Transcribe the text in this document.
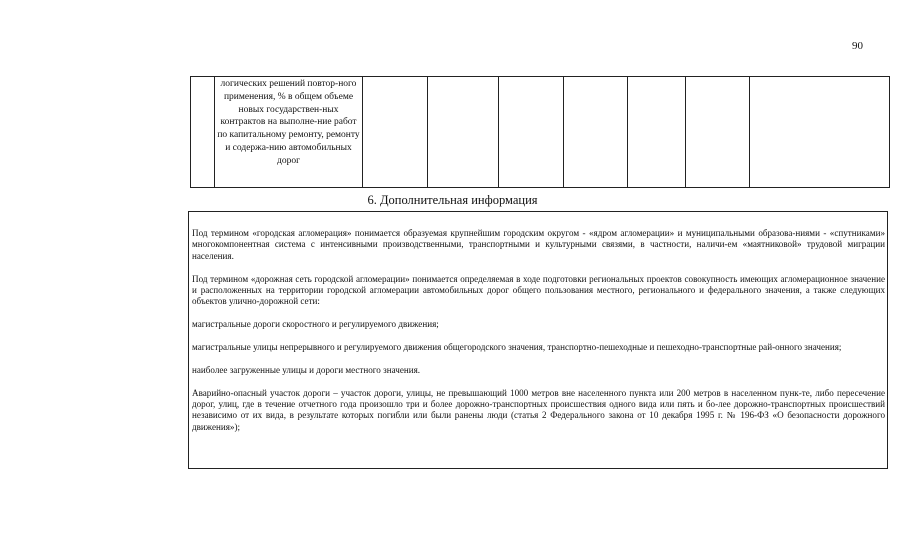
90

логических решений повтор-ного применения, % в общем объеме новых государствен-ных контрактов на выполне-ние работ по капитальному ремонту, ремонту и содержа-нию автомобильных дорог

6. Дополнительная информация

Под термином «городская агломерация» понимается образуемая крупнейшим городским округом - «ядром агломерации» и муниципальными образова-ниями - «спутниками» многокомпонентная система с интенсивными производственными, транспортными и культурными связями, в частности, наличи-ем «маятниковой» трудовой миграции населения.

Под термином «дорожная сеть городской агломерации» понимается определяемая в ходе подготовки региональных проектов совокупность имеющих агломерационное значение и расположенных на территории городской агломерации автомобильных дорог общего пользования местного, регионального и федерального значения, а также следующих объектов улично-дорожной сети:

магистральные дороги скоростного и регулируемого движения;

магистральные улицы непрерывного и регулируемого движения общегородского значения, транспортно-пешеходные и пешеходно-транспортные рай-онного значения;

наиболее загруженные улицы и дороги местного значения.

Аварийно-опасный участок дороги – участок дороги, улицы, не превышающий 1000 метров вне населенного пункта или 200 метров в населенном пунк-те, либо пересечение дорог, улиц, где в течение отчетного года произошло три и более дорожно-транспортных происшествия одного вида или пять и бо-лее дорожно-транспортных происшествий независимо от их вида, в результате которых погибли или были ранены люди (статья 2 Федерального закона от 10 декабря 1995 г. № 196-ФЗ «О безопасности дорожного движения»);
